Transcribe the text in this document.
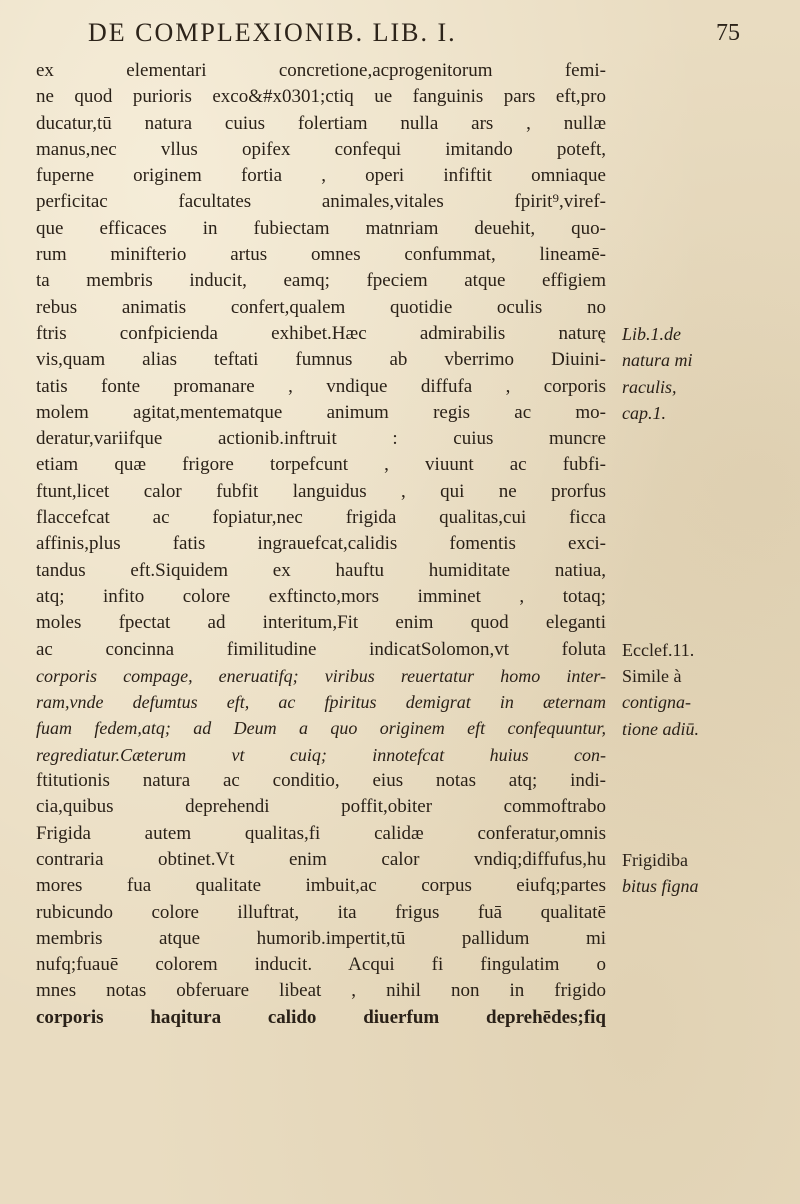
DE COMPLEXIONIB. LIB. I.	75
ex elementari concretione,acprogenitorum femi-
ne quod purioris exco&#x0301;ctiq ue fanguinis pars eft,pro
ducatur,tū natura cuius folertiam nulla ars , nullæ
manus,nec vllus opifex confequi imitando poteft,
fuperne originem fortia , operi infiftit omniaque
perficitac facultates animales,vitales fpirit⁹,viref-
que efficaces in fubiectam matnriam deuehit, quo-
rum minifterio artus omnes confummat, lineamē-
ta membris inducit, eamq; fpeciem atque effigiem
rebus animatis confert,qualem quotidie oculis no
ftris confpicienda exhibet.Hæc admirabilis naturę
vis,quam alias teftati fumnus ab vberrimo Diuini-
tatis fonte promanare , vndique diffufa , corporis
molem agitat,mentematque animum regis ac mo-
deratur,variifque actionib.inftruit : cuius muncre
etiam quæ frigore torpefcunt , viuunt ac fubfi-
ftunt,licet calor fubfit languidus , qui ne prorfus
flaccefcat ac fopiatur,nec frigida qualitas,cui ficca
affinis,plus fatis ingrauefcat,calidis fomentis exci-
tandus eft.Siquidem ex hauftu humiditate natiua,
atq; infito colore exftincto,mors imminet , totaq;
moles fpectat ad interitum,Fit enim quod eleganti
ac concinna fimilitudine indicatSolomon,vt foluta
corporis compage, eneruatifq; viribus reuertatur homo inter-
ram,vnde defumtus eft, ac fpiritus demigrat in æternam
fuam fedem,atq; ad Deum a quo originem eft confequuntur,
regrediatur.Cæterum vt cuiq; innotefcat huius con-
ftitutionis natura ac conditio, eius notas atq; indi-
cia,quibus deprehendi poffit,obiter commoftrabo
Frigida autem qualitas,fi calidæ conferatur,omnis
contraria obtinet.Vt enim calor vndiq;diffufus,hu
mores fua qualitate imbuit,ac corpus eiufq;partes
rubicundo colore illuftrat, ita frigus fuā qualitatē
membris atque humorib.impertit,tū pallidum mi
nufq;fuauē colorem inducit. Acqui fi fingulatim o
mnes notas obferuare libeat , nihil non in frigido
corporis haqitura calido diuerfum deprehēdes;fiq
Lib.1.de
natura mi
raculis,
cap.1.
Ecclef.11.
Simile à
contigna-
tione adiū.
Frigidiba
bitus figna
